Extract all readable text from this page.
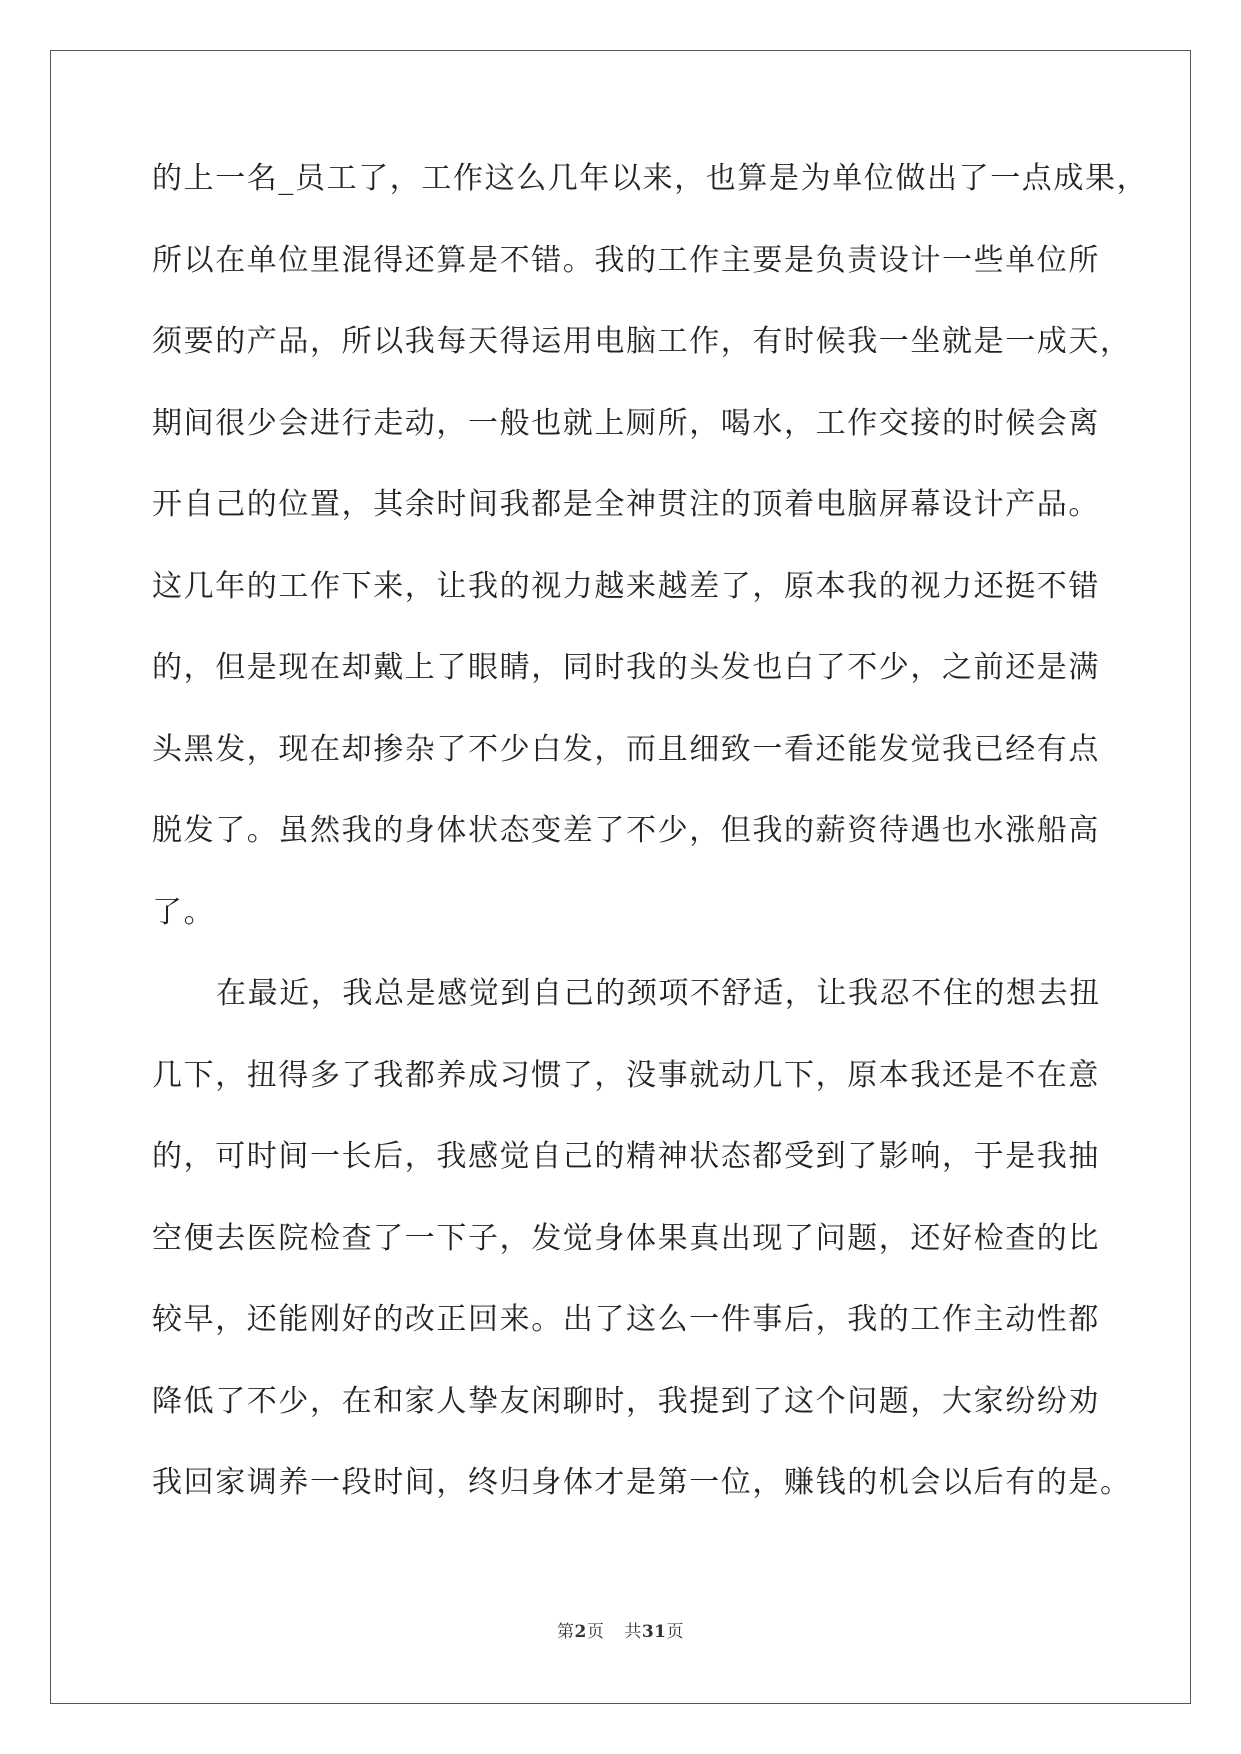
的上一名_员工了，工作这么几年以来，也算是为单位做出了一点成果，
所以在单位里混得还算是不错。我的工作主要是负责设计一些单位所
须要的产品，所以我每天得运用电脑工作，有时候我一坐就是一成天，
期间很少会进行走动，一般也就上厕所，喝水，工作交接的时候会离
开自己的位置，其余时间我都是全神贯注的顶着电脑屏幕设计产品。
这几年的工作下来，让我的视力越来越差了，原本我的视力还挺不错
的，但是现在却戴上了眼睛，同时我的头发也白了不少，之前还是满
头黑发，现在却掺杂了不少白发，而且细致一看还能发觉我已经有点
脱发了。虽然我的身体状态变差了不少，但我的薪资待遇也水涨船高
了。
在最近，我总是感觉到自己的颈项不舒适，让我忍不住的想去扭
几下，扭得多了我都养成习惯了，没事就动几下，原本我还是不在意
的，可时间一长后，我感觉自己的精神状态都受到了影响，于是我抽
空便去医院检查了一下子，发觉身体果真出现了问题，还好检查的比
较早，还能刚好的改正回来。出了这么一件事后，我的工作主动性都
降低了不少，在和家人挚友闲聊时，我提到了这个问题，大家纷纷劝
我回家调养一段时间，终归身体才是第一位，赚钱的机会以后有的是。
第2页 共31页
